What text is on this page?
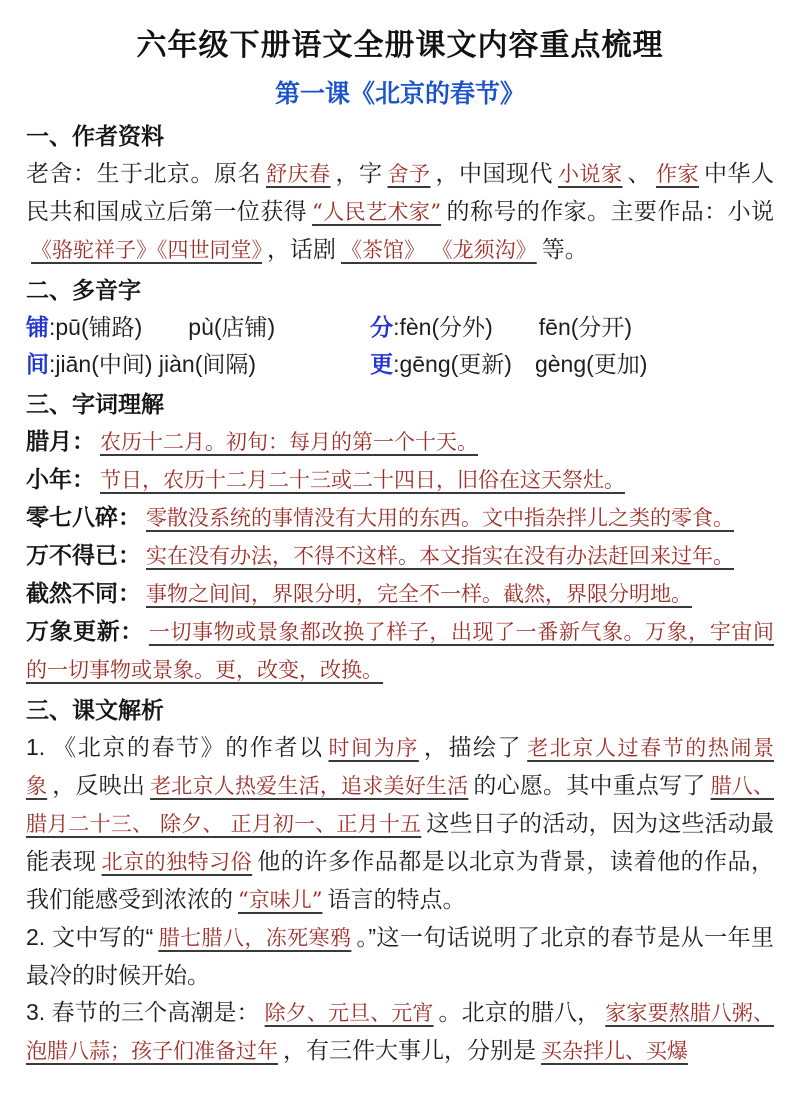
六年级下册语文全册课文内容重点梳理
第一课《北京的春节》
一、作者资料

老舍：生于北京。原名 舒庆春 ，字 舍予 ，中国现代 小说家 、 作家 中华人民共和国成立后第一位获得 “人民艺术家” 的称号的作家。主要作品：小说《骆驼祥子》《四世同堂》 ，话剧 《茶馆》 《龙须沟》 等。

二、多音字
铺:pū(铺路)　　pù(店铺)	分:fèn(分外)　　fēn(分开)
间:jiān(中间) jiàn(间隔)	更:gēng(更新)　gèng(更加)
三、字词理解

腊月： 农历十二月。初旬：每月的第一个十天。

小年： 节日，农历十二月二十三或二十四日，旧俗在这天祭灶。

零七八碎： 零散没系统的事情没有大用的东西。文中指杂拌儿之类的零食。

万不得已： 实在没有办法，不得不这样。本文指实在没有办法赶回来过年。

截然不同： 事物之间间，界限分明，完全不一样。截然，界限分明地。

万象更新： 一切事物或景象都改换了样子，出现了一番新气象。万象，宇宙间的一切事物或景象。更，改变，改换。

三、课文解析

1. 《北京的春节》的作者以 时间为序 ，描绘了 老北京人过春节的热闹景象 ，反映出 老北京人热爱生活，追求美好生活 的心愿。其中重点写了 腊八、腊月二十三、 除夕、 正月初一、正月十五 这些日子的活动，因为这些活动最能表现 北京的独特习俗 他的许多作品都是以北京为背景，读着他的作品，我们能感受到浓浓的 “京味儿” 语言的特点。

2. 文中写的“ 腊七腊八，冻死寒鸦 。”这一句话说明了北京的春节是从一年里最冷的时候开始。

3. 春节的三个高潮是： 除夕、元旦、元宵 。北京的腊八， 家家要熬腊八粥、泡腊八蒜；孩子们准备过年 ，有三件大事儿，分别是 买杂拌儿、买爆
